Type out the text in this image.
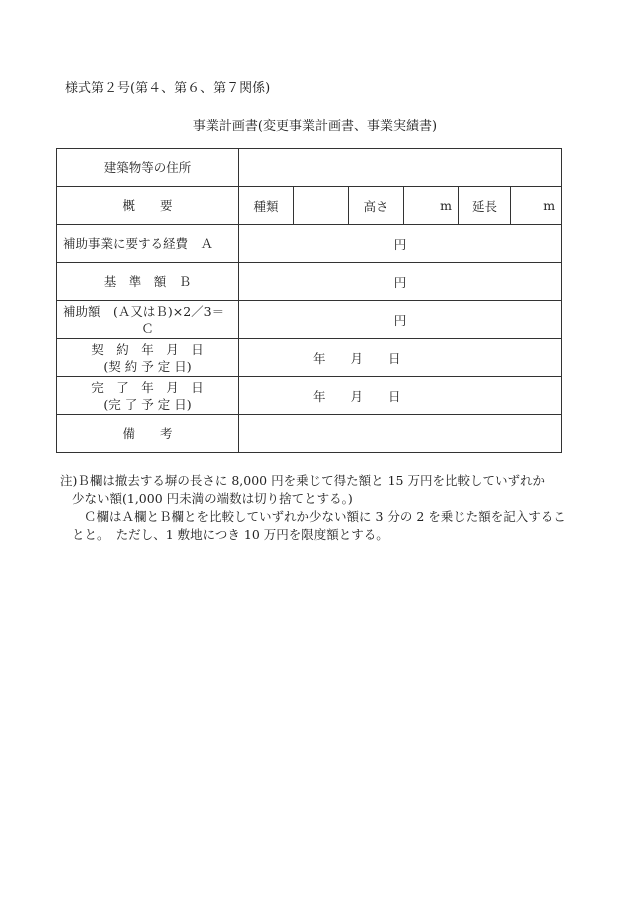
様式第２号(第４、第６、第７関係)
事業計画書(変更事業計画書、事業実績書)
建築物等の住所						
概　　要	種類		高さ	m	延長	m
補助事業に要する経費　Ａ	円					
基　準　額　Ｂ	円					

補助額　(Ａ又はＢ)×2／3＝
Ｃ	円					

契　約　年　月　日
(契 約 予 定 日)	年　　月　　日					

完　了　年　月　日
(完 了 予 定 日)	年　　月　　日					
備　　考						

注)Ｂ欄は撤去する塀の長さに 8,000 円を乗じて得た額と 15 万円を比較していずれか

少ない額(1,000 円未満の端数は切り捨てとする。)

Ｃ欄はＡ欄とＢ欄とを比較していずれか少ない額に 3 分の 2 を乗じた額を記入することと。　ただし、1 敷地につき 10 万円を限度額とする。
